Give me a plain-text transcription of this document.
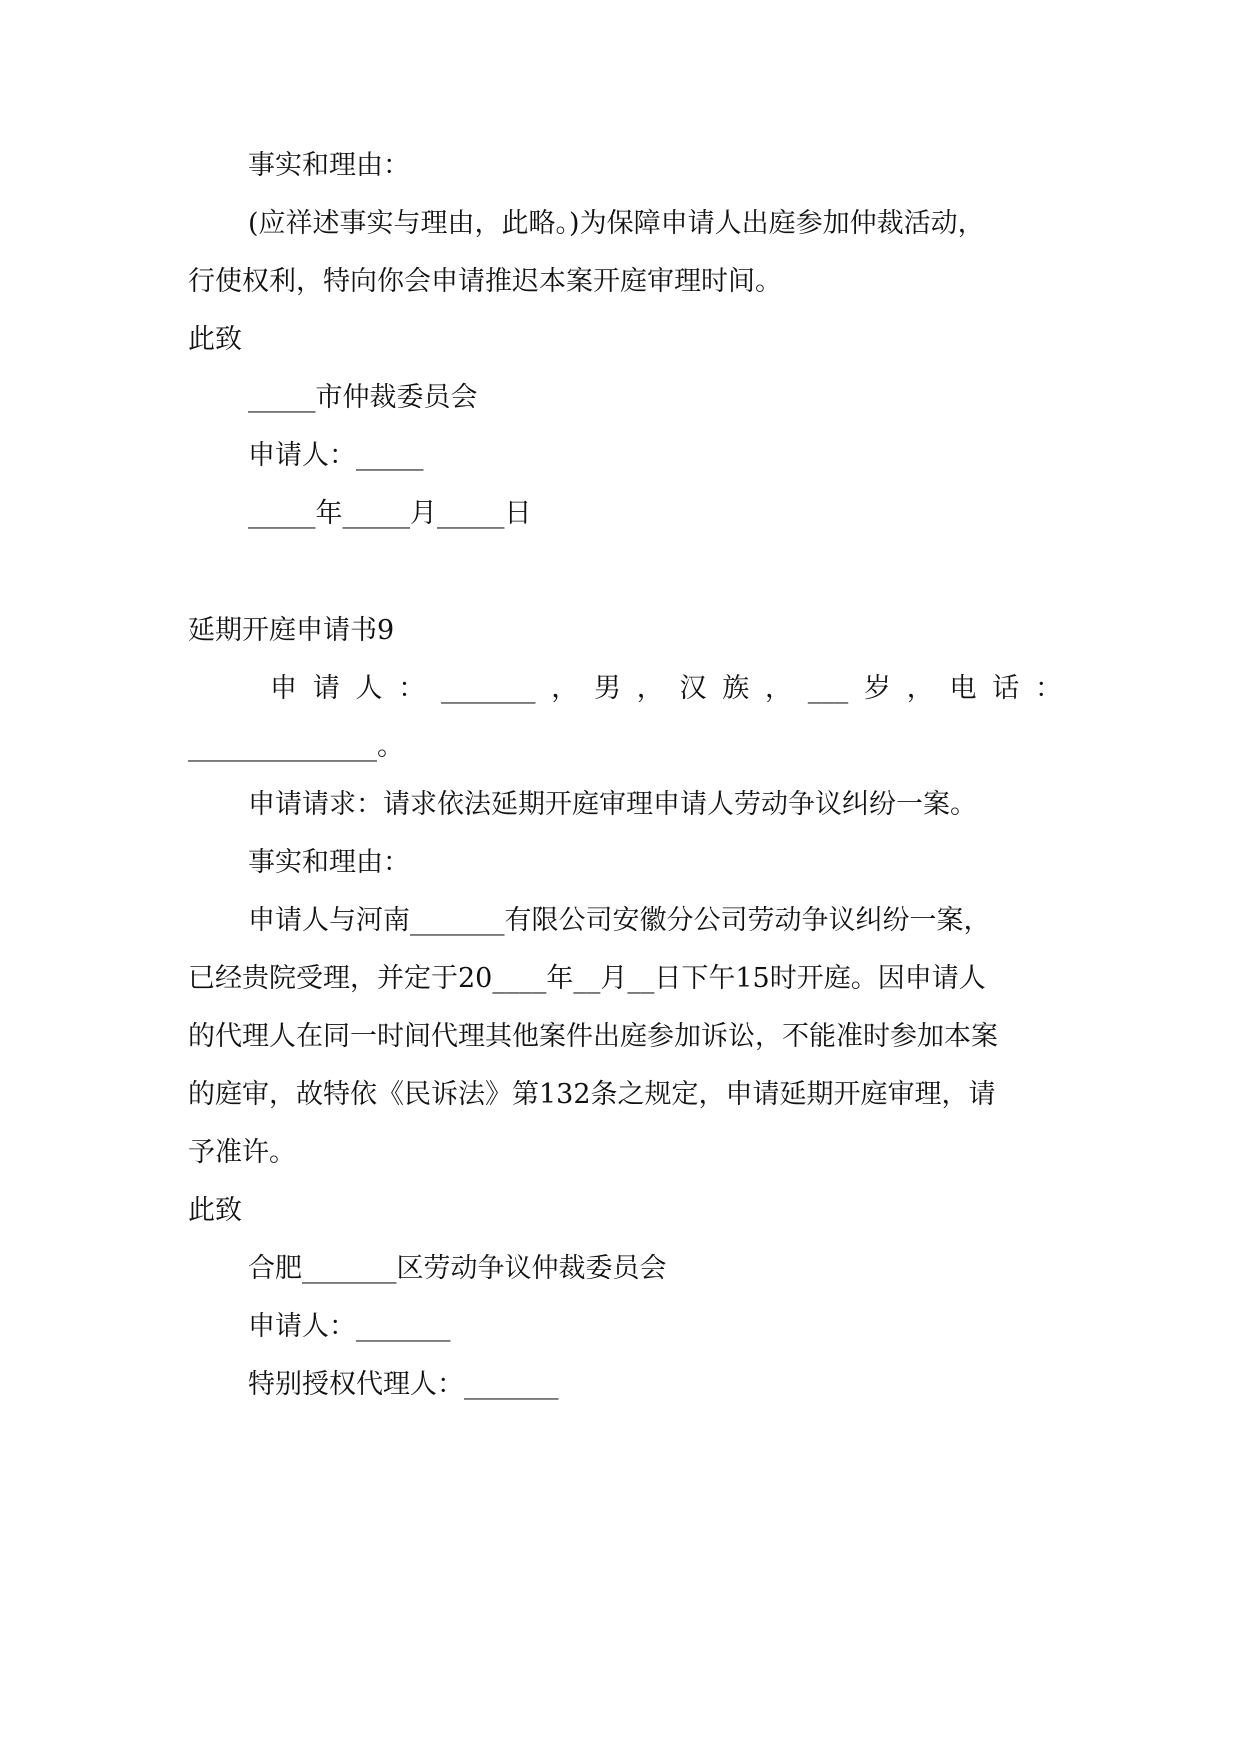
事实和理由：
(应祥述事实与理由，此略。)为保障申请人出庭参加仲裁活动，
行使权利，特向你会申请推迟本案开庭审理时间。
此致
_____市仲裁委员会
申请人：_____
_____年_____月_____日
延期开庭申请书9
申 请 人 ： _______ ， 男 ， 汉 族 ， ___ 岁 ， 电 话 ：
______________。
申请请求：请求依法延期开庭审理申请人劳动争议纠纷一案。
事实和理由：
申请人与河南_______有限公司安徽分公司劳动争议纠纷一案，
已经贵院受理，并定于20____年__月__日下午15时开庭。因申请人
的代理人在同一时间代理其他案件出庭参加诉讼，不能准时参加本案
的庭审，故特依《民诉法》第132条之规定，申请延期开庭审理，请
予准许。
此致
合肥_______区劳动争议仲裁委员会
申请人：_______
特别授权代理人：_______
